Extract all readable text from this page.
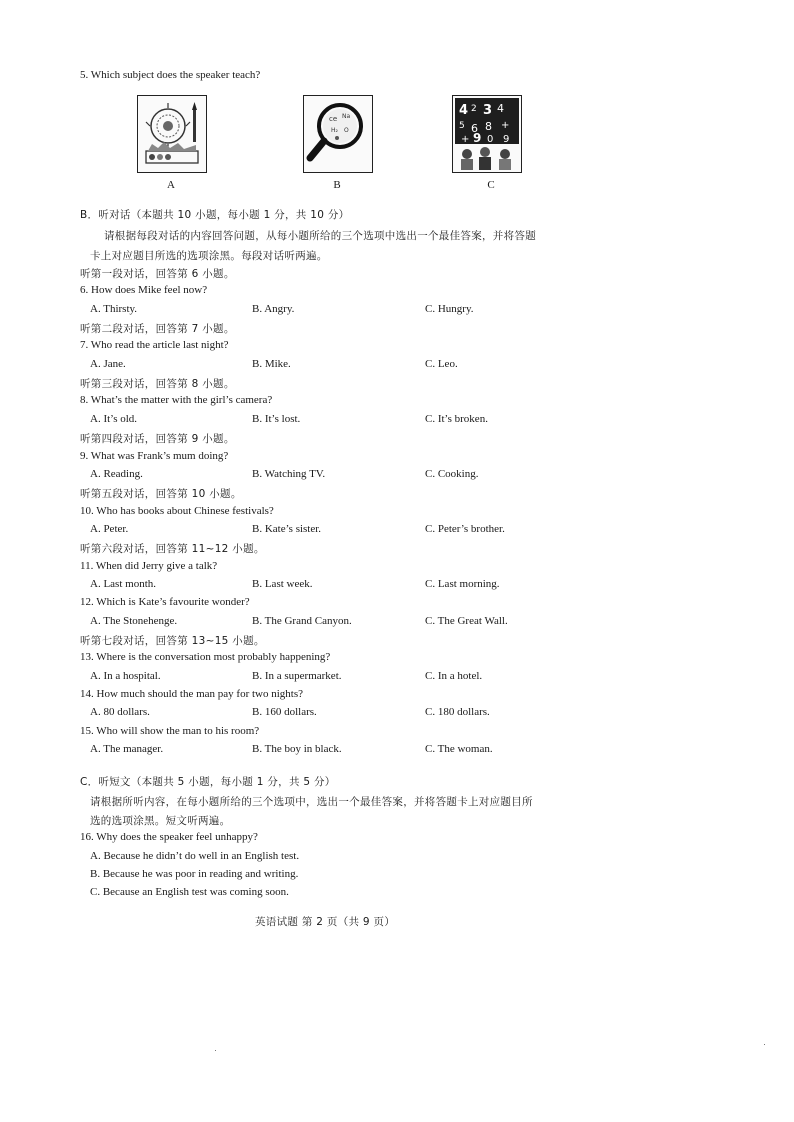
5. Which subject does the speaker teach?
A
ce Na
H₂ O
B
4 2 3 4
5 6 8 +
+ 9 0 9
C
B．听对话（本题共 10 小题，每小题 1 分，共 10 分）
请根据每段对话的内容回答问题，从每小题所给的三个选项中选出一个最佳答案，并将答题
卡上对应题目所选的选项涂黑。每段对话听两遍。
听第一段对话，回答第 6 小题。
6. How does Mike feel now?
A. Thirsty.	B. Angry.	C. Hungry.
听第二段对话，回答第 7 小题。
7. Who read the article last night?
A. Jane.	B. Mike.	C. Leo.
听第三段对话，回答第 8 小题。
8. What’s the matter with the girl’s camera?
A. It’s old.	B. It’s lost.	C. It’s broken.
听第四段对话，回答第 9 小题。
9. What was Frank’s mum doing?
A. Reading.	B. Watching TV.	C. Cooking.
听第五段对话，回答第 10 小题。
10. Who has books about Chinese festivals?
A. Peter.	B. Kate’s sister.	C. Peter’s brother.
听第六段对话，回答第 11~12 小题。
11. When did Jerry give a talk?
A. Last month.	B. Last week.	C. Last morning.
12. Which is Kate’s favourite wonder?
A. The Stonehenge.	B. The Grand Canyon.	C. The Great Wall.
听第七段对话，回答第 13~15 小题。
13. Where is the conversation most probably happening?
A. In a hospital.	B. In a supermarket.	C. In a hotel.
14. How much should the man pay for two nights?
A. 80 dollars.	B. 160 dollars.	C. 180 dollars.
15. Who will show the man to his room?
A. The manager.	B. The boy in black.	C. The woman.
C．听短文（本题共 5 小题，每小题 1 分，共 5 分）
请根据所听内容，在每小题所给的三个选项中，选出一个最佳答案，并将答题卡上对应题目所
选的选项涂黑。短文听两遍。
16. Why does the speaker feel unhappy?
A. Because he didn’t do well in an English test.
B. Because he was poor in reading and writing.
C. Because an English test was coming soon.
英语试题 第 2 页（共 9 页）
